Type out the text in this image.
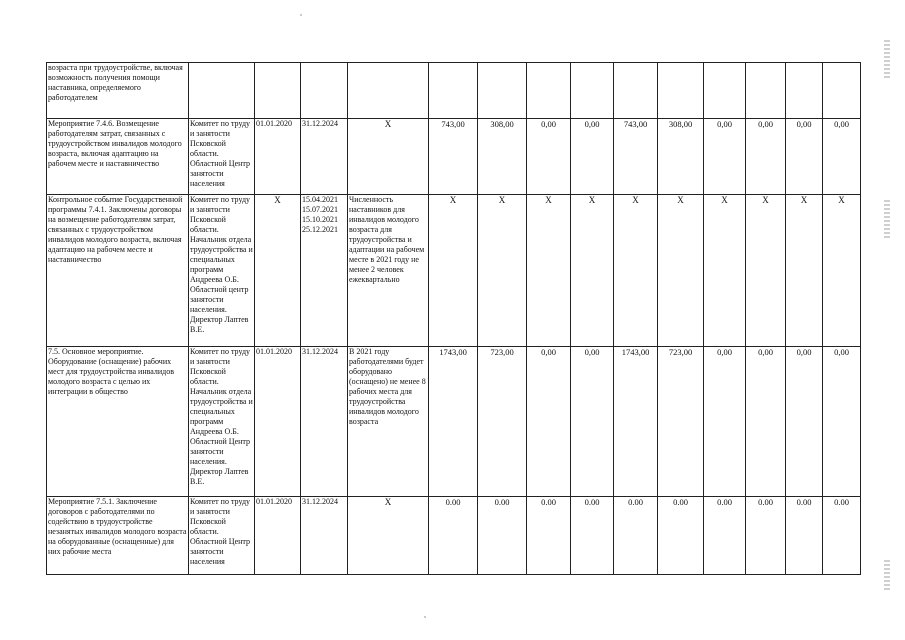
возраста при трудоустройстве, включая возможность получения помощи наставника, определяемого работодателем														
Мероприятие 7.4.6. Возмещение работодателям затрат, связанных с трудоустройством инвалидов молодого возраста, включая адаптацию на рабочем месте и наставничество	Комитет по труду и занятости Псковской области. Областной Центр занятости населения	01.01.2020	31.12.2024	X	743,00	308,00	0,00	0,00	743,00	308,00	0,00	0,00	0,00	0,00
Контрольное событие Государственной программы 7.4.1. Заключены договоры на возмещение работодателям затрат, связанных с трудоустройством инвалидов молодого возраста, включая адаптацию на рабочем месте и наставничество	Комитет по труду и занятости Псковской области. Начальник отдела трудоустройства и специальных программ Андреева О.Б. Областной центр занятости населения. Директор Лаптев В.Е.	X	15.04.2021 15.07.2021 15.10.2021 25.12.2021	Численность наставников для инвалидов молодого возраста для трудоустройства и адаптации на рабочем месте в 2021 году не менее 2 человек ежеквартально	X	X	X	X	X	X	X	X	X	X
7.5. Основное мероприятие. Оборудование (оснащение) рабочих мест для трудоустройства инвалидов молодого возраста с целью их интеграции в общество	Комитет по труду и занятости Псковской области. Начальник отдела трудоустройства и специальных программ Андреева О.Б. Областной Центр занятости населения. Директор Лаптев В.Е.	01.01.2020	31.12.2024	В 2021 году работодателями будет оборудовано (оснащено) не менее 8 рабочих места для трудоустройства инвалидов молодого возраста	1743,00	723,00	0,00	0,00	1743,00	723,00	0,00	0,00	0,00	0,00
Мероприятие 7.5.1. Заключение договоров с работодателями по содействию в трудоустройстве незанятых инвалидов молодого возраста на оборудованные (оснащенные) для них рабочие места	Комитет по труду и занятости Псковской области. Областной Центр занятости населения	01.01.2020	31.12.2024	X	0.00	0.00	0.00	0.00	0.00	0.00	0.00	0.00	0.00	0.00
